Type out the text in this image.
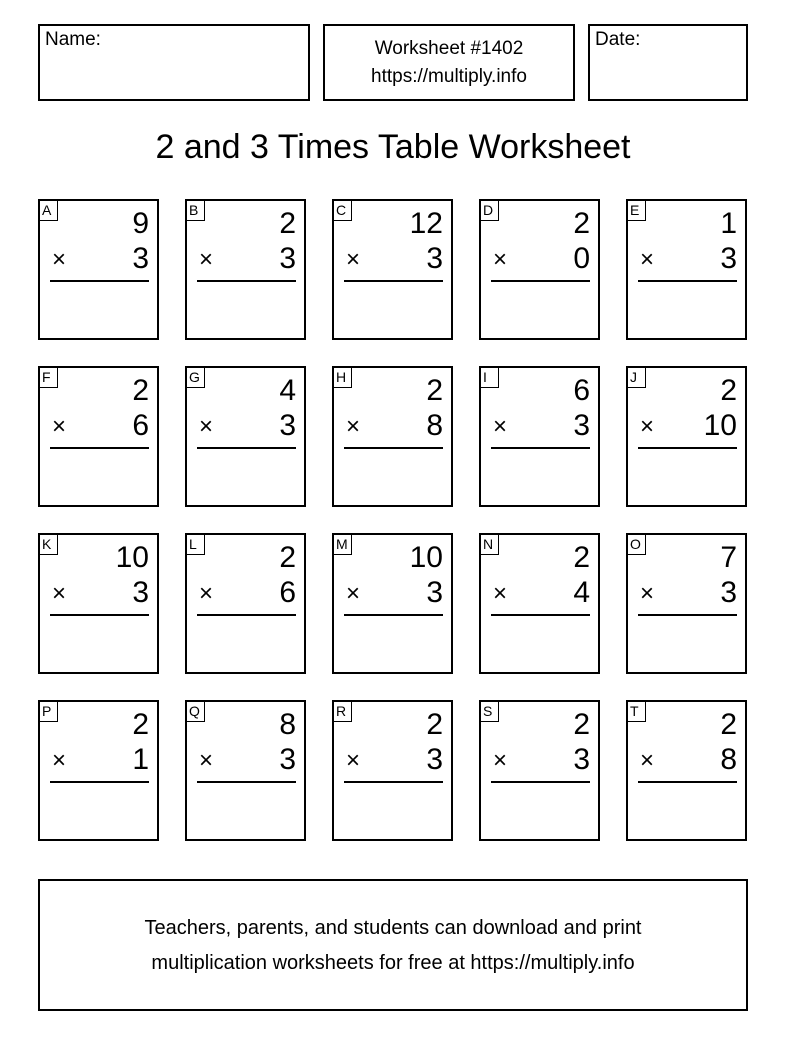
Name:	Worksheet #1402
https://multiply.info
Date:
2 and 3 Times Table Worksheet
A	9
× 3
B	2
× 3
C 12
× 3
D	2
× 0
E	1
× 3
F	2
× 6
G	4
× 3
H	2
× 8
I	6
× 3
J	2
× 10
K 10
× 3
L	2
× 6
M 10
× 3
N	2
× 4
O	7
× 3
P	2
× 1
Q	8
× 3
R	2
× 3
S	2
× 3
T	2
× 8
Teachers, parents, and students can download and print
multiplication worksheets for free at https://multiply.info
